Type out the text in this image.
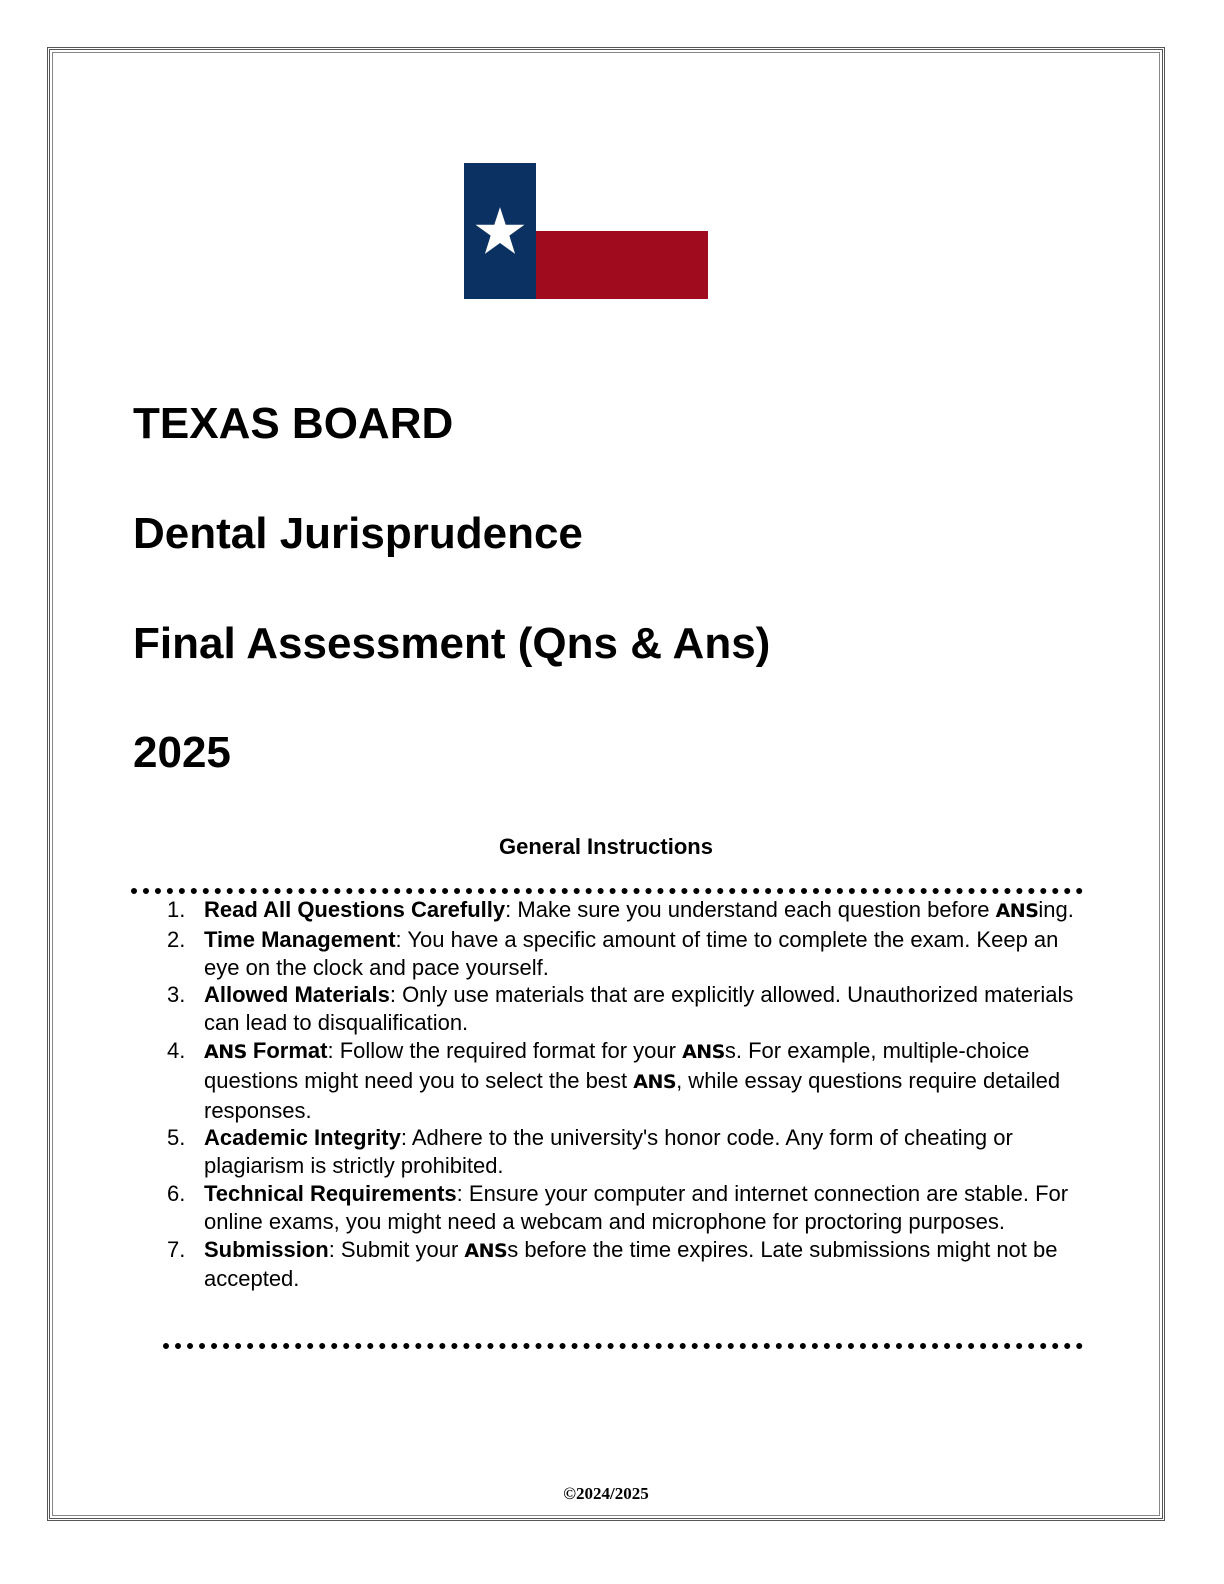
TEXAS BOARD
Dental Jurisprudence
Final Assessment (Qns & Ans)
2025
General Instructions
1. Read All Questions Carefully: Make sure you understand each question before ANSing.
2. Time Management: You have a specific amount of time to complete the exam. Keep an eye on the clock and pace yourself.
3. Allowed Materials: Only use materials that are explicitly allowed. Unauthorized materials can lead to disqualification.
4. ANS Format: Follow the required format for your ANSs. For example, multiple-choice questions might need you to select the best ANS, while essay questions require detailed responses.
5. Academic Integrity: Adhere to the university's honor code. Any form of cheating or plagiarism is strictly prohibited.
6. Technical Requirements: Ensure your computer and internet connection are stable. For online exams, you might need a webcam and microphone for proctoring purposes.
7. Submission: Submit your ANSs before the time expires. Late submissions might not be accepted.

©2024/2025
